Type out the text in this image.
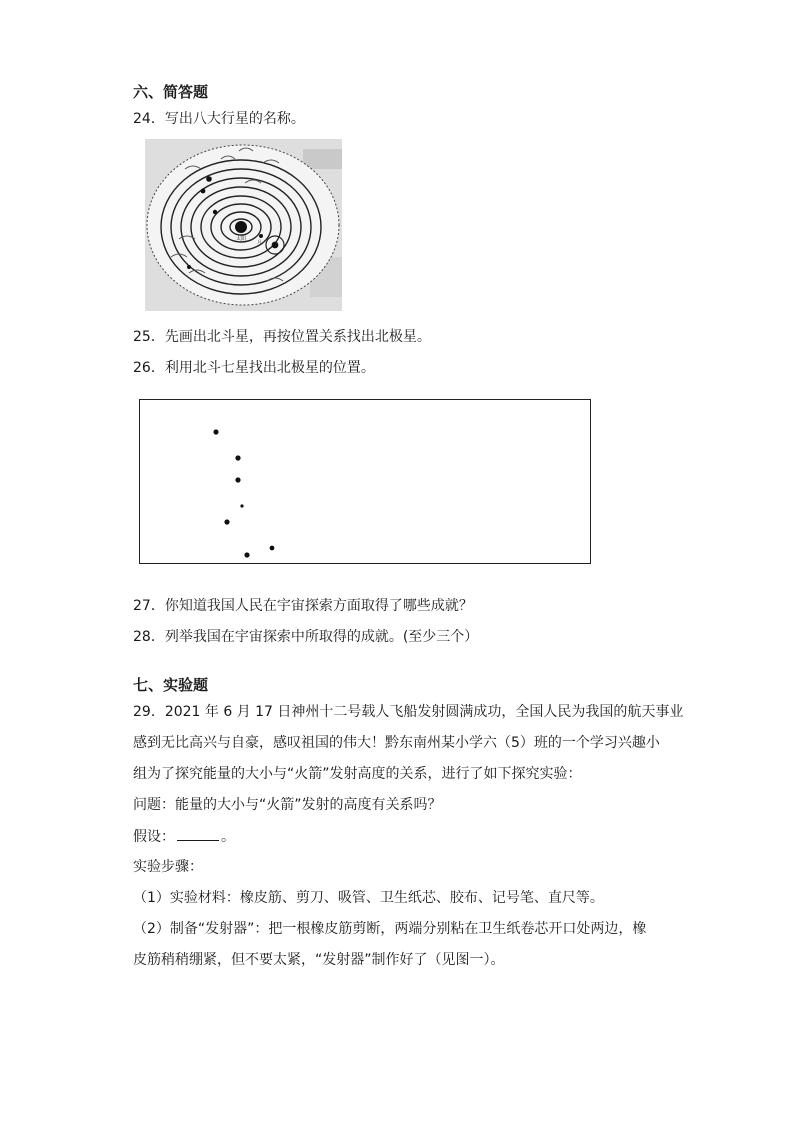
六、简答题
24．写出八大行星的名称。
太阳
月
25．先画出北斗星，再按位置关系找出北极星。
26．利用北斗七星找出北极星的位置。
27．你知道我国人民在宇宙探索方面取得了哪些成就？
28．列举我国在宇宙探索中所取得的成就。(至少三个）
七、实验题
29．2021 年 6 月 17 日神州十二号载人飞船发射圆满成功，全国人民为我国的航天事业
感到无比高兴与自豪，感叹祖国的伟大！黔东南州某小学六（5）班的一个学习兴趣小
组为了探究能量的大小与“火箭”发射高度的关系，进行了如下探究实验：
问题：能量的大小与“火箭”发射的高度有关系吗？
假设：	。
实验步骤：
（1）实验材料：橡皮筋、剪刀、吸管、卫生纸芯、胶布、记号笔、直尺等。
（2）制备“发射器”：把一根橡皮筋剪断，两端分别粘在卫生纸卷芯开口处两边，橡
皮筋稍稍绷紧，但不要太紧，“发射器”制作好了（见图一）。
